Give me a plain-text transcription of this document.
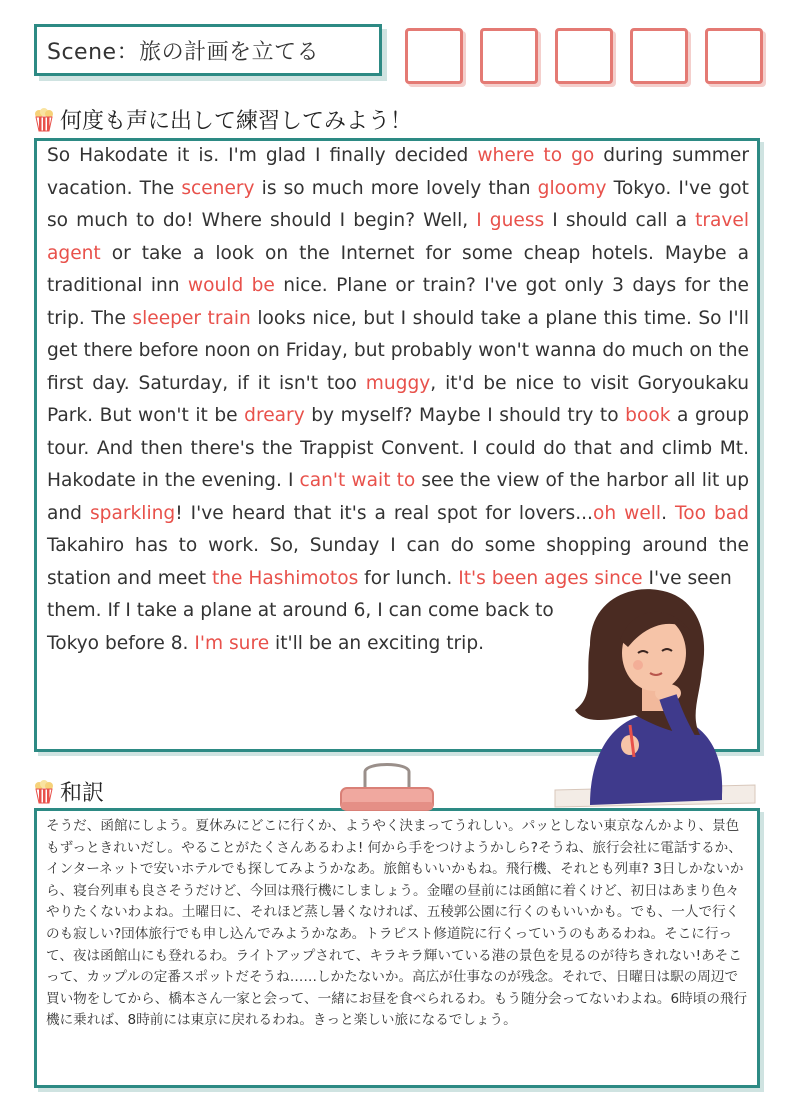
Scene：旅の計画を立てる
何度も声に出して練習してみよう！

So Hakodate it is. I'm glad I finally decided where to go during summer vacation. The scenery is so much more lovely than gloomy Tokyo. I've got so much to do! Where should I begin? Well, I guess I should call a travel agent or take a look on the Internet for some cheap hotels. Maybe a traditional inn would be nice. Plane or train? I've got only 3 days for the trip. The sleeper train looks nice, but I should take a plane this time. So I'll get there before noon on Friday, but probably won't wanna do much on the first day. Saturday, if it isn't too muggy, it'd be nice to visit Goryoukaku Park. But won't it be dreary by myself? Maybe I should try to book a group tour. And then there's the Trappist Convent. I could do that and climb Mt. Hakodate in the evening. I can't wait to see the view of the harbor all lit up and sparkling! I've heard that it's a real spot for lovers...oh well. Too bad Takahiro has to work. So, Sunday I can do some shopping around the station and meet the Hashimotos for lunch. It's been ages since I've seen
them. If I take a plane at around 6, I can come back to Tokyo before 8. I'm sure it'll be an exciting trip.

和訳

そうだ、函館にしよう。夏休みにどこに行くか、ようやく決まってうれしい。パッとしない東京なんかより、景色もずっときれいだし。やることがたくさんあるわよ! 何から手をつけようかしら?そうね、旅行会社に電話するか、インターネットで安いホテルでも探してみようかなあ。旅館もいいかもね。飛行機、それとも列車? 3日しかないから、寝台列車も良さそうだけど、今回は飛行機にしましょう。金曜の昼前には函館に着くけど、初日はあまり色々やりたくないわよね。土曜日に、それほど蒸し暑くなければ、五稜郭公園に行くのもいいかも。でも、一人で行くのも寂しい?団体旅行でも申し込んでみようかなあ。トラピスト修道院に行くっていうのもあるわね。そこに行って、夜は函館山にも登れるわ。ライトアップされて、キラキラ輝いている港の景色を見るのが待ちきれない!あそこって、カップルの定番スポットだそうね……しかたないか。高広が仕事なのが残念。それで、日曜日は駅の周辺で買い物をしてから、橋本さん一家と会って、一緒にお昼を食べられるわ。もう随分会ってないわよね。6時頃の飛行機に乗れば、8時前には東京に戻れるわね。きっと楽しい旅になるでしょう。
